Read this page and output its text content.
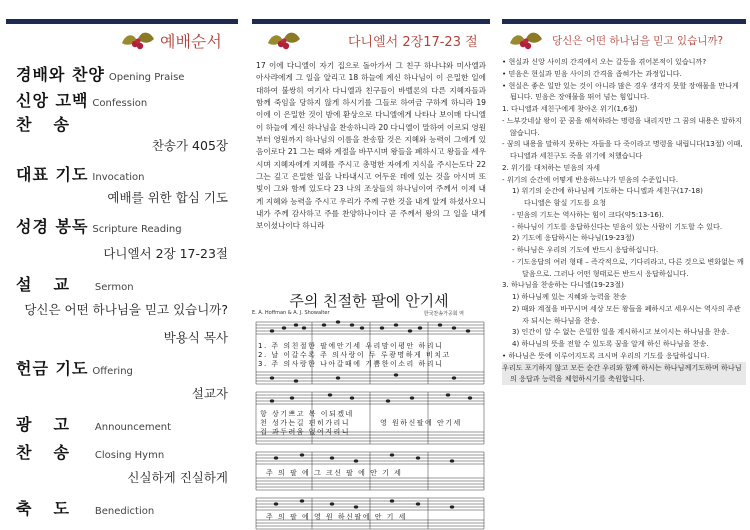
예배순서
경배와 찬양 Opening Praise
신앙 고백 Confession
찬송
찬송가 405장
대표 기도 Invocation
예배를 위한 합심 기도
성경 봉독 Scripture Reading
다니엘서 2장 17-23절
설교 Sermon
당신은 어떤 하나님을 믿고 있습니까?
박용식 목사
헌금 기도 Offering
설교자
광고 Announcement
찬송 Closing Hymn
신실하게 진실하게
축도 Benediction
다니엘서 2장17-23 절
17 이에 다니엘이 자기 집으로 돌아가서 그 친구 하나냐와 미사엘과 아사랴에게 그 일을 알리고 18 하늘에 계신 하나님이 이 은밀한 일에 대하여 불쌍히 여기사 다니엘과 친구들이 바벨론의 다른 지혜자들과 함께 죽임을 당하지 않게 하시기를 그들로 하여금 구하게 하니라 19 이에 이 은밀한 것이 밤에 환상으로 다니엘에게 나타나 보이매 다니엘이 하늘에 계신 하나님을 찬송하니라 20 다니엘이 말하여 이르되 영원부터 영원까지 하나님의 이름을 찬송할 것은 지혜와 능력이 그에게 있음이로다 21 그는 때와 계절을 바꾸시며 왕들을 폐하시고 왕들을 세우시며 지혜자에게 지혜를 주시고 총명한 자에게 지식을 주시는도다 22 그는 깊고 은밀한 일을 나타내시고 어두운 데에 있는 것을 아시며 또 빛이 그와 함께 있도다 23 나의 조상들의 하나님이여 주께서 이제 내게 지혜와 능력을 주시고 우리가 주께 구한 것을 내게 알게 하셨사오니 내가 주께 감사하고 주를 찬양하나이다 곧 주께서 왕의 그 일을 내게 보이셨나이다 하니라
주의 친절한 팔에 안기세
E. A. Hoffman & A. J. Showalter	한국찬송가공회 역
1. 주 의친절한 팔에안기세 우리맘이평안 하리니
2. 날 이갈수록 주 의사랑이 두 루광명하게 비치고
3. 주 의사랑한 나아갈때에 기쁨한이소리 하리니
항 상기쁘고 복 이되겠네
천 성가는길 편히가리니
겁 과두려움 없어지리니
영 원하신팔에 안기세
주 의 팔 에 그 크신 팔 에 안 기 세
주 의 팔 에 영 원 하신팔에 안 기 세
당신은 어떤 하나님을 믿고 있습니까?

• 현실과 신앙 사이의 간격에서 오는 갈등을 겪어본적이 있습니까?

• 믿음은 현실과 믿음 사이의 간격을 좁혀가는 과정입니다.

• 현실은 좋은 일만 있는 것이 아니라 많은 경우 생각지 못할 장애물을 만나게 됩니다. 믿음은 장애물을 뛰어 넘는 힘입니다.

1. 다니엘과 세친구에게 찾아온 위기(1,6절)

- 느부갓네살 왕이 꾼 꿈을 해석하라는 명령을 내리지만 그 꿈의 내용은 말하지 않습니다.

- 꿈의 내용을 말하지 못하는 자들을 다 죽이라고 명령을 내립니다(13절) 이때, 다니엘과 세친구도 죽을 위기에 처했습니다

2. 위기를 대처하는 믿음의 자세

- 위기의 순간에 어떻게 반응하느냐가 믿음의 수준입니다.

1) 위기의 순간에 하나님께 기도하는 다니엘과 세친구(17-18)

다니엘은 함실 기도를 요청

- 믿음의 기도는 역사하는 힘이 크다(약5:13-16).

- 하나님이 기도를 응답하신다는 믿음이 있는 사람이 기도할 수 있다.

2) 기도에 응답하시는 하나님(19-23절)

- 하나님은 우리의 기도에 반드시 응답하십니다.

- 기도응답의 여러 형태 – 즉각적으로, 기다리라고, 다른 것으로 변화없는 깨달음으로. 그러나 어떤 형태로든 반드시 응답하십니다.

3. 하나님을 찬송하는 다니엘(19-23절)

1) 하나님께 있는 지혜와 능력을 찬송

2) 때와 계절을 바꾸시며 세상 모든 왕들을 폐하시고 세우시는 역사의 주관자 되시는 하나님을 찬송.

3) 인간이 알 수 없는 은밀한 일을 계시하시고 보이시는 하나님을 찬송.

4) 하나님의 뜻을 전할 수 있도록 꿈을 알게 하신 하나님을 찬송.

• 하나님은 뜻에 이루어지도록 크시며 우리의 기도를 응답하십니다.

우리도 포기하지 않고 모든 순간 우리와 함께 하시는 하나님께기도하며 하나님의 응답과 능력을 체험하시기를 축원합니다.
